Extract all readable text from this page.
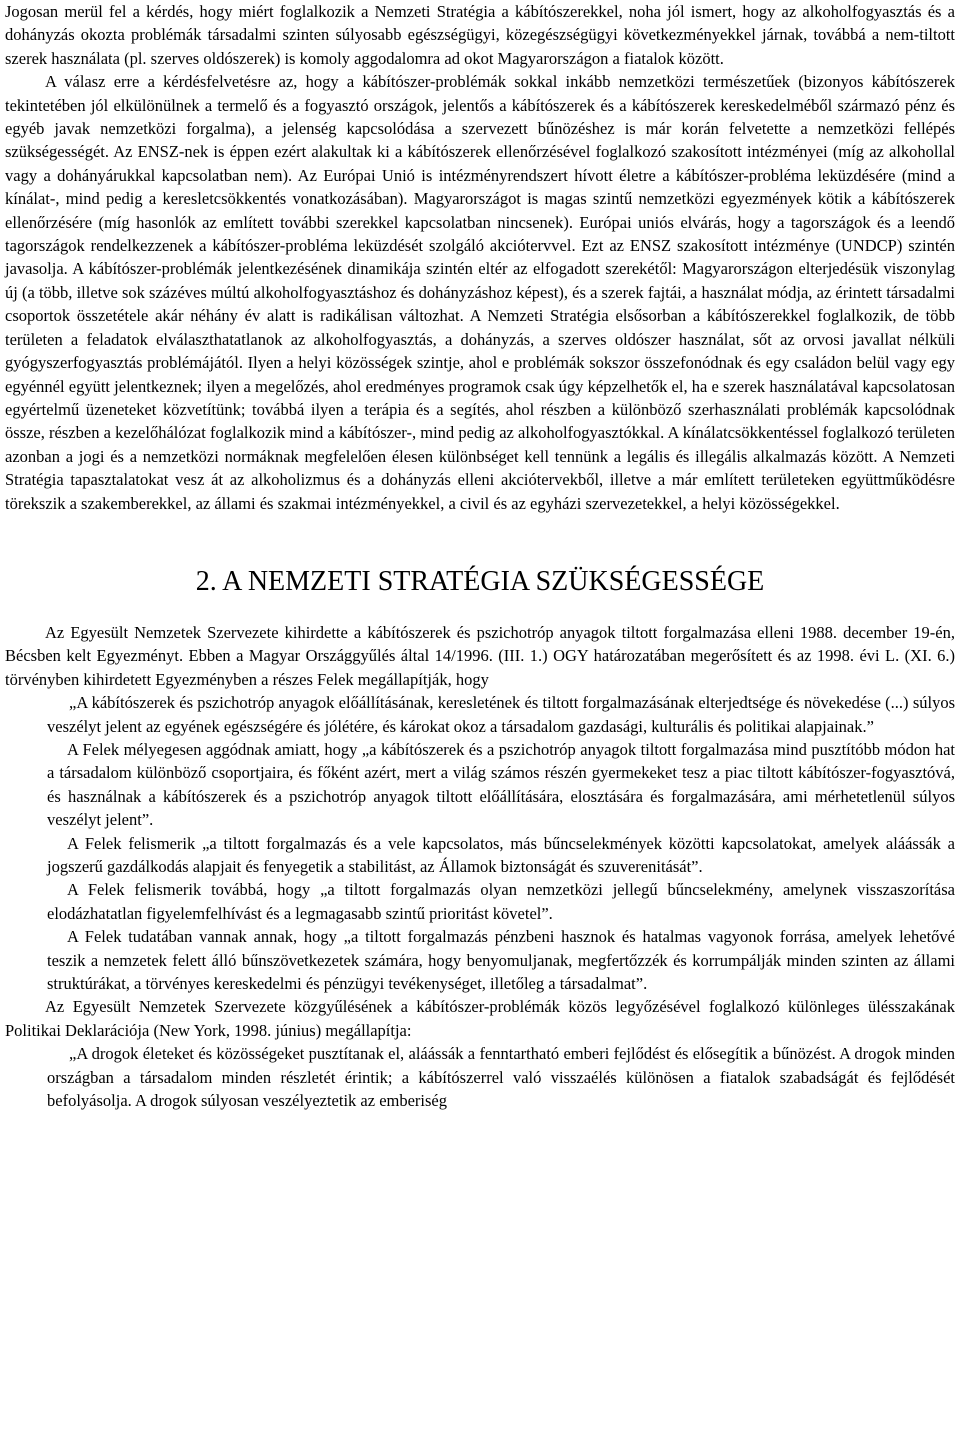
Jogosan merül fel a kérdés, hogy miért foglalkozik a Nemzeti Stratégia a kábítószerekkel, noha jól ismert, hogy az alkoholfogyasztás és a dohányzás okozta problémák társadalmi szinten súlyosabb egészségügyi, közegészségügyi következményekkel járnak, továbbá a nem-tiltott szerek használata (pl. szerves oldószerek) is komoly aggodalomra ad okot Magyarországon a fiatalok között.

A válasz erre a kérdésfelvetésre az, hogy a kábítószer-problémák sokkal inkább nemzetközi természetűek (bizonyos kábítószerek tekintetében jól elkülönülnek a termelő és a fogyasztó országok, jelentős a kábítószerek és a kábítószerek kereskedelméből származó pénz és egyéb javak nemzetközi forgalma), a jelenség kapcsolódása a szervezett bűnözéshez is már korán felvetette a nemzetközi fellépés szükségességét. Az ENSZ-nek is éppen ezért alakultak ki a kábítószerek ellenőrzésével foglalkozó szakosított intézményei (míg az alkohollal vagy a dohányárukkal kapcsolatban nem). Az Európai Unió is intézményrendszert hívott életre a kábítószer-probléma leküzdésére (mind a kínálat-, mind pedig a keresletcsökkentés vonatkozásában). Magyarországot is magas szintű nemzetközi egyezmények kötik a kábítószerek ellenőrzésére (míg hasonlók az említett további szerekkel kapcsolatban nincsenek). Európai uniós elvárás, hogy a tagországok és a leendő tagországok rendelkezzenek a kábítószer-probléma leküzdését szolgáló akciótervvel. Ezt az ENSZ szakosított intézménye (UNDCP) szintén javasolja. A kábítószer-problémák jelentkezésének dinamikája szintén eltér az elfogadott szerekétől: Magyarországon elterjedésük viszonylag új (a több, illetve sok százéves múltú alkoholfogyasztáshoz és dohányzáshoz képest), és a szerek fajtái, a használat módja, az érintett társadalmi csoportok összetétele akár néhány év alatt is radikálisan változhat. A Nemzeti Stratégia elsősorban a kábítószerekkel foglalkozik, de több területen a feladatok elválaszthatatlanok az alkoholfogyasztás, a dohányzás, a szerves oldószer használat, sőt az orvosi javallat nélküli gyógyszerfogyasztás problémájától. Ilyen a helyi közösségek szintje, ahol e problémák sokszor összefonódnak és egy családon belül vagy egy egyénnél együtt jelentkeznek; ilyen a megelőzés, ahol eredményes programok csak úgy képzelhetők el, ha e szerek használatával kapcsolatosan egyértelmű üzeneteket közvetítünk; továbbá ilyen a terápia és a segítés, ahol részben a különböző szerhasználati problémák kapcsolódnak össze, részben a kezelőhálózat foglalkozik mind a kábítószer-, mind pedig az alkoholfogyasztókkal. A kínálatcsökkentéssel foglalkozó területen azonban a jogi és a nemzetközi normáknak megfelelően élesen különbséget kell tennünk a legális és illegális alkalmazás között. A Nemzeti Stratégia tapasztalatokat vesz át az alkoholizmus és a dohányzás elleni akciótervekből, illetve a már említett területeken együttműködésre törekszik a szakemberekkel, az állami és szakmai intézményekkel, a civil és az egyházi szervezetekkel, a helyi közösségekkel.

2. A NEMZETI STRATÉGIA SZÜKSÉGESSÉGE

Az Egyesült Nemzetek Szervezete kihirdette a kábítószerek és pszichotróp anyagok tiltott forgalmazása elleni 1988. december 19-én, Bécsben kelt Egyezményt. Ebben a Magyar Országgyűlés által 14/1996. (III. 1.) OGY határozatában megerősített és az 1998. évi L. (XI. 6.) törvényben kihirdetett Egyezményben a részes Felek megállapítják, hogy

„A kábítószerek és pszichotróp anyagok előállításának, keresletének és tiltott forgalmazásának elterjedtsége és növekedése (...) súlyos veszélyt jelent az egyének egészségére és jólétére, és károkat okoz a társadalom gazdasági, kulturális és politikai alapjainak.”

A Felek mélyegesen aggódnak amiatt, hogy „a kábítószerek és a pszichotróp anyagok tiltott forgalmazása mind pusztítóbb módon hat a társadalom különböző csoportjaira, és főként azért, mert a világ számos részén gyermekeket tesz a piac tiltott kábítószer-fogyasztóvá, és használnak a kábítószerek és a pszichotróp anyagok tiltott előállítására, elosztására és forgalmazására, ami mérhetetlenül súlyos veszélyt jelent”.

A Felek felismerik „a tiltott forgalmazás és a vele kapcsolatos, más bűncselekmények közötti kapcsolatokat, amelyek aláássák a jogszerű gazdálkodás alapjait és fenyegetik a stabilitást, az Államok biztonságát és szuverenitását”.

A Felek felismerik továbbá, hogy „a tiltott forgalmazás olyan nemzetközi jellegű bűncselekmény, amelynek visszaszorítása elodázhatatlan figyelemfelhívást és a legmagasabb szintű prioritást követel”.

A Felek tudatában vannak annak, hogy „a tiltott forgalmazás pénzbeni hasznok és hatalmas vagyonok forrása, amelyek lehetővé teszik a nemzetek felett álló bűnszövetkezetek számára, hogy benyomuljanak, megfertőzzék és korrumpálják minden szinten az állami struktúrákat, a törvényes kereskedelmi és pénzügyi tevékenységet, illetőleg a társadalmat”.

Az Egyesült Nemzetek Szervezete közgyűlésének a kábítószer-problémák közös legyőzésével foglalkozó különleges ülésszakának Politikai Deklarációja (New York, 1998. június) megállapítja:

„A drogok életeket és közösségeket pusztítanak el, aláássák a fenntartható emberi fejlődést és elősegítik a bűnözést. A drogok minden országban a társadalom minden részletét érintik; a kábítószerrel való visszaélés különösen a fiatalok szabadságát és fejlődését befolyásolja. A drogok súlyosan veszélyeztetik az emberiség
